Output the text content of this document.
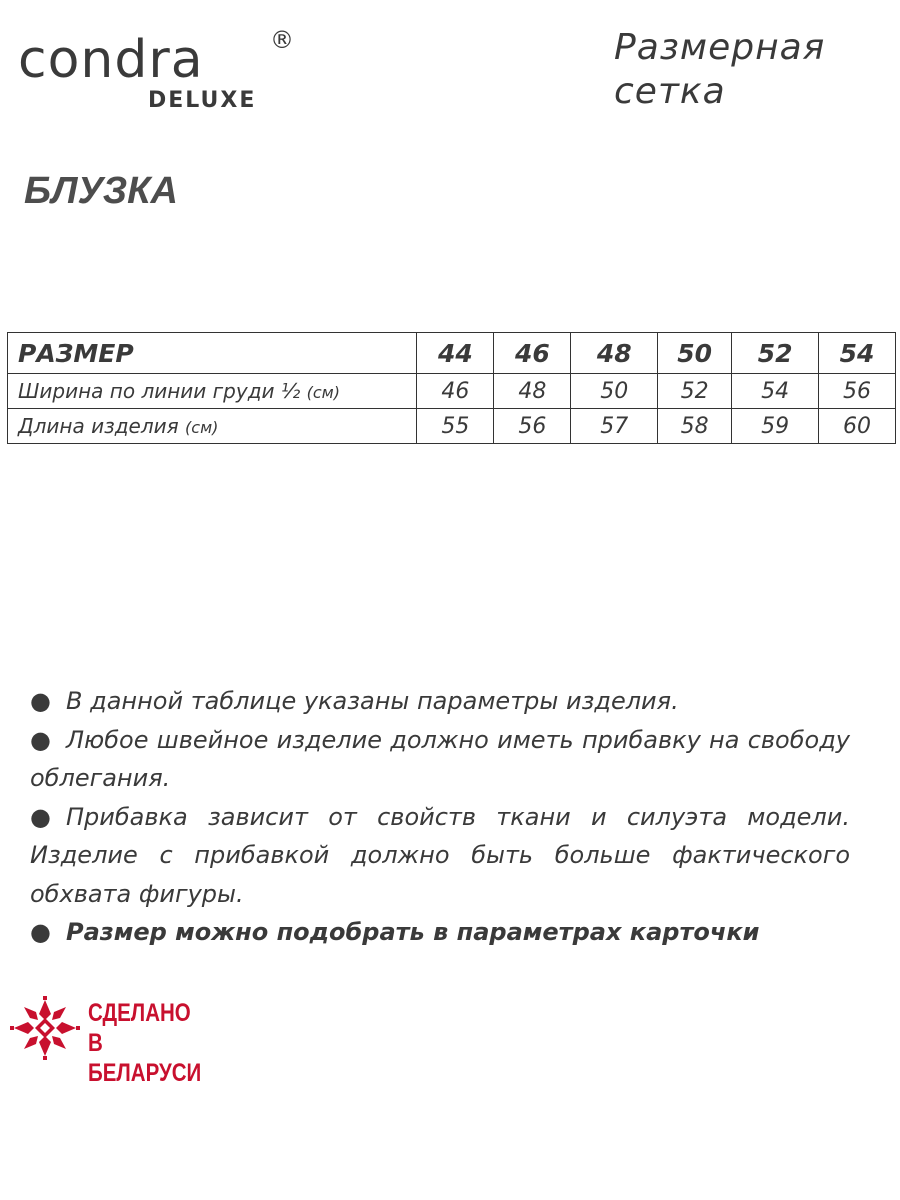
condra	®
DELUXE
Размерная
сетка
БЛУЗКА
РАЗМЕР	44	46	48	50	52	54
Ширина по линии груди ½ (см)	46	48	50	52	54	56
Длина изделия (см)	55	56	57	58	59	60

● В данной таблице указаны параметры изделия.

● Любое швейное изделие должно иметь прибавку на свободу облегания.

● Прибавка зависит от свойств ткани и силуэта модели. Изделие с прибавкой должно быть больше фактического обхвата фигуры.

● Размер можно подобрать в параметрах карточки

СДЕЛАНО
В БЕЛАРУСИ
